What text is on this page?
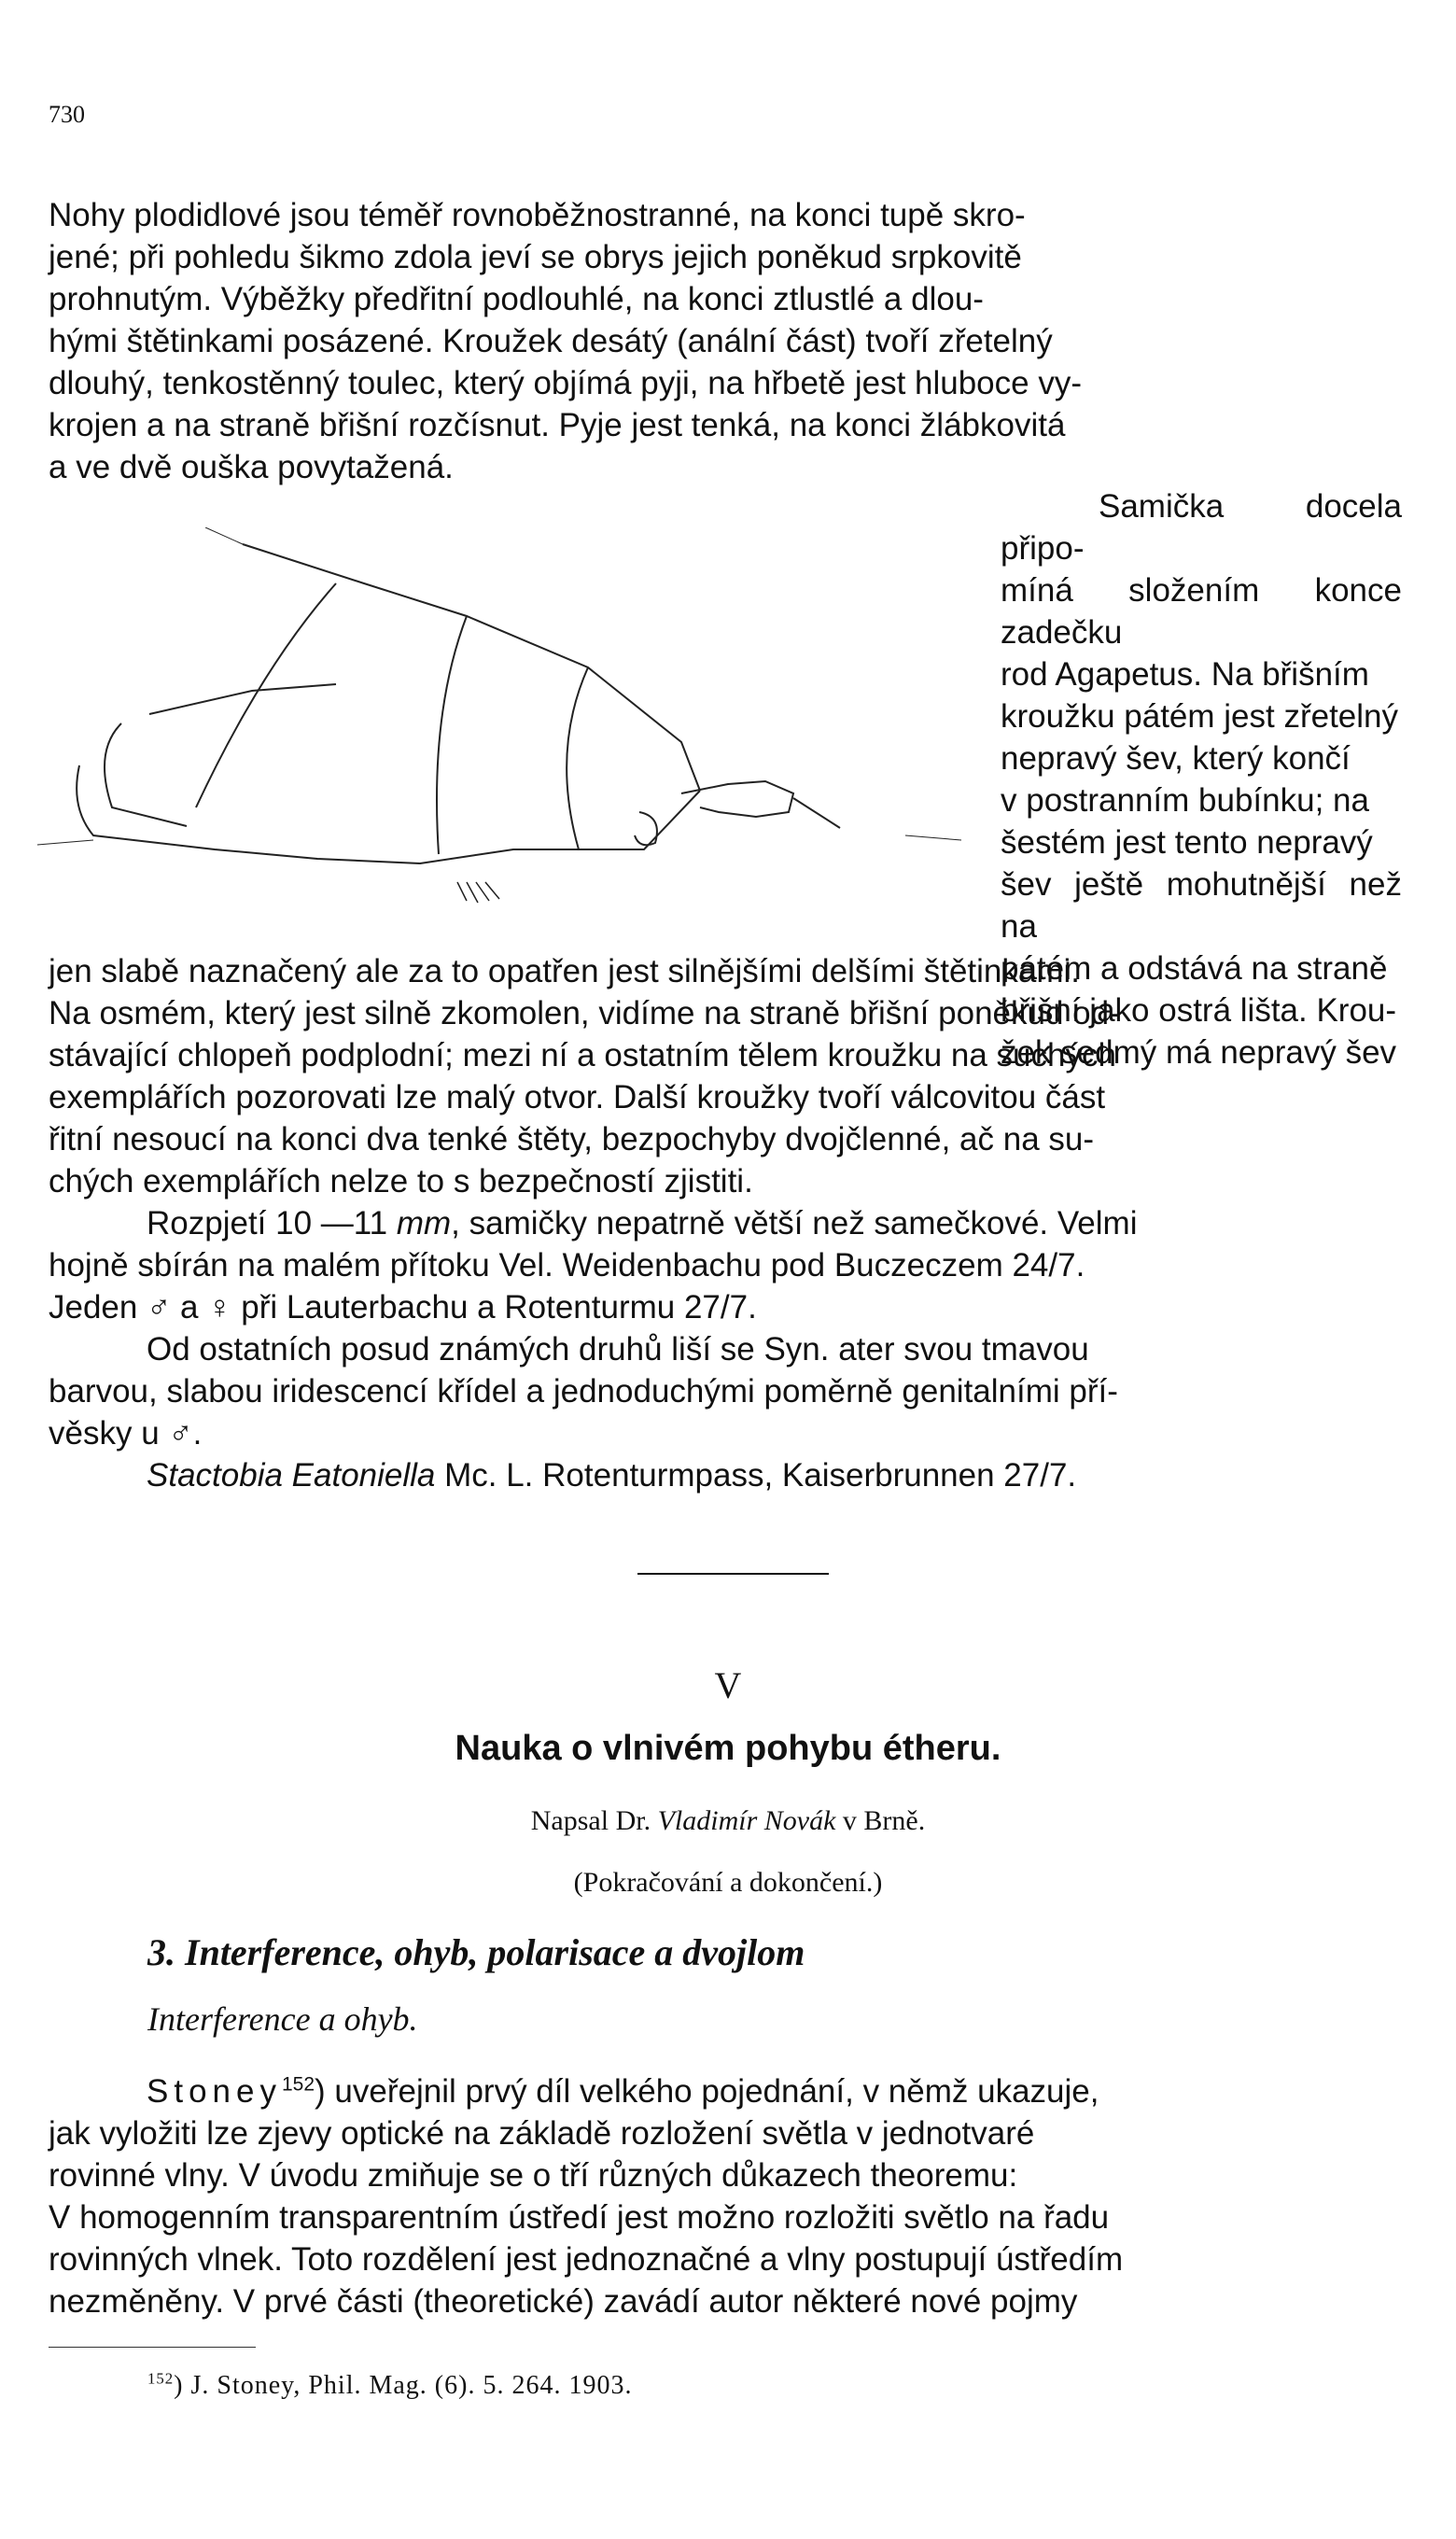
730

Nohy plodidlové jsou téměř rovnoběžnostranné, na konci tupě skro-
jené; při pohledu šikmo zdola jeví se obrys jejich poněkud srpkovitě
prohnutým. Výběžky předřitní podlouhlé, na konci ztlustlé a dlou-
hými štětinkami posázené. Kroužek desátý (anální část) tvoří zřetelný
dlouhý, tenkostěnný toulec, který objímá pyji, na hřbetě jest hluboce vy-
krojen a na straně břišní rozčísnut. Pyje jest tenká, na konci žlábkovitá
a ve dvě ouška povytažená.

Samička docela připo-
míná složením konce zadečku
rod Agapetus. Na břišním
kroužku pátém jest zřetelný
nepravý šev, který končí
v postranním bubínku; na
šestém jest tento nepravý
šev ještě mohutnější než na
pátém a odstává na straně
břišní jako ostrá lišta. Krou-
žek sedmý má nepravý šev

jen slabě naznačený ale za to opatřen jest silnějšími delšími štětinkami.
Na osmém, který jest silně zkomolen, vidíme na straně břišní poněkud od-
stávající chlopeň podplodní; mezi ní a ostatním tělem kroužku na suchých
exemplářích pozorovati lze malý otvor. Další kroužky tvoří válcovitou část
řitní nesoucí na konci dva tenké štěty, bezpochyby dvojčlenné, ač na su-
chých exemplářích nelze to s bezpečností zjistiti.
Rozpjetí 10 —11 mm, samičky nepatrně větší než samečkové. Velmi
hojně sbírán na malém přítoku Vel. Weidenbachu pod Buczeczem 24/7.
Jeden ♂ a ♀ při Lauterbachu a Rotenturmu 27/7.
Od ostatních posud známých druhů liší se Syn. ater svou tmavou
barvou, slabou iridescencí křídel a jednoduchými poměrně genitalními pří-
věsky u ♂.
Stactobia Eatoniella Mc. L. Rotenturmpass, Kaiserbrunnen 27/7.
V
Nauka o vlnivém pohybu étheru.
Napsal Dr. Vladimír Novák v Brně.
(Pokračování a dokončení.)
3. Interference, ohyb, polarisace a dvojlom
Interference a ohyb.

Stoney$^{152}$) uveřejnil prvý díl velkého pojednání, v němž ukazuje,
jak vyložiti lze zjevy optické na základě rozložení světla v jednotvaré
rovinné vlny. V úvodu zmiňuje se o tří různých důkazech theoremu:
V homogenním transparentním ústředí jest možno rozložiti světlo na řadu
rovinných vlnek. Toto rozdělení jest jednoznačné a vlny postupují ústředím
nezměněny. V prvé části (theoretické) zavádí autor některé nové pojmy

$^{152}$) J. Stoney, Phil. Mag. (6). 5. 264. 1903.
